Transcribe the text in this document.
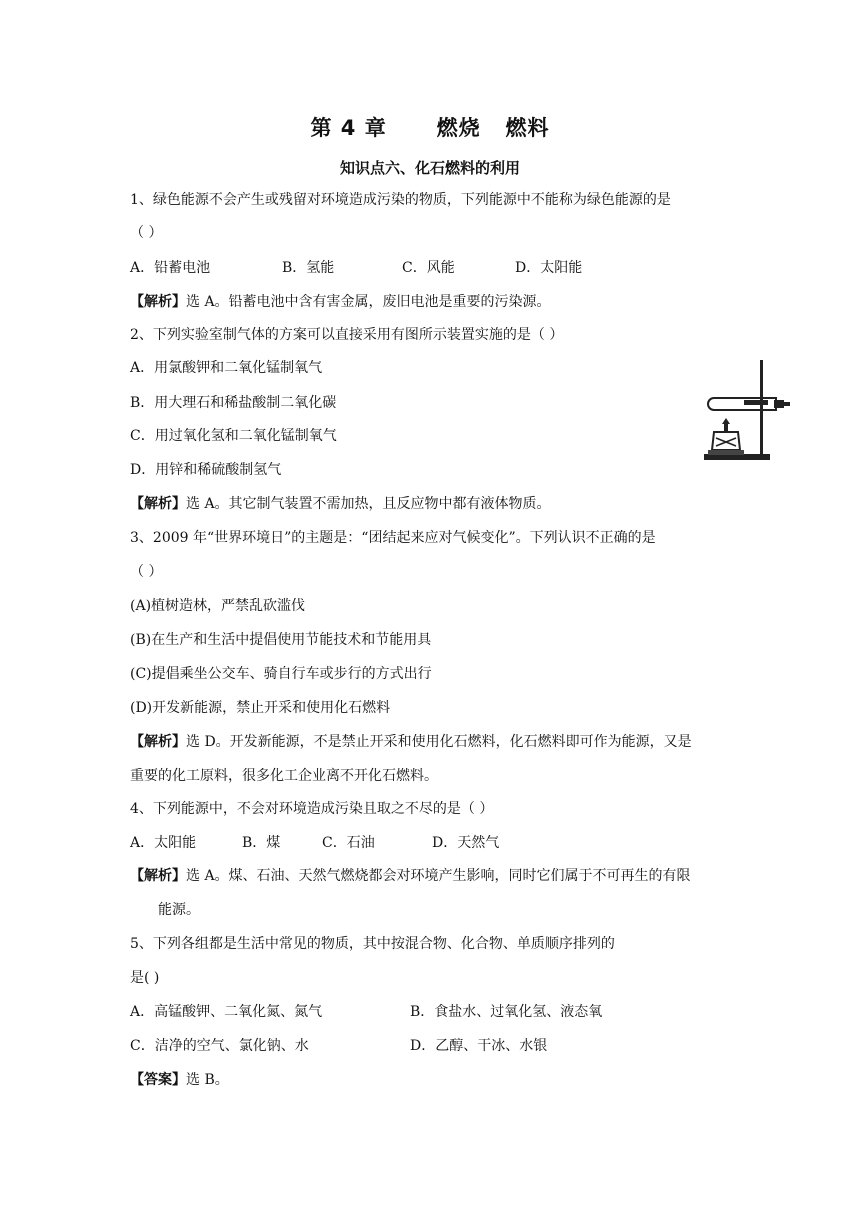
第 4 章      燃烧   燃料
知识点六、化石燃料的利用
1、绿色能源不会产生或残留对环境造成污染的物质，下列能源中不能称为绿色能源的是
（ ）
A．铅蓄电池	B．氢能	C．风能	D．太阳能
【解析】选 A。铅蓄电池中含有害金属，废旧电池是重要的污染源。
2、下列实验室制气体的方案可以直接采用有图所示装置实施的是（ ）
A．用氯酸钾和二氧化锰制氧气
B．用大理石和稀盐酸制二氧化碳
C．用过氧化氢和二氧化锰制氧气
D．用锌和稀硫酸制氢气
【解析】选 A。其它制气装置不需加热，且反应物中都有液体物质。
3、2009 年“世界环境日”的主题是：“团结起来应对气候变化”。下列认识不正确的是
（ ）
(A)植树造林，严禁乱砍滥伐
(B)在生产和生活中提倡使用节能技术和节能用具
(C)提倡乘坐公交车、骑自行车或步行的方式出行
(D)开发新能源，禁止开采和使用化石燃料
【解析】选 D。开发新能源，不是禁止开采和使用化石燃料，化石燃料即可作为能源，又是
重要的化工原料，很多化工企业离不开化石燃料。
4、下列能源中，不会对环境造成污染且取之不尽的是（ ）
A．太阳能	B．煤	C．石油	D．天然气
【解析】选 A。煤、石油、天然气燃烧都会对环境产生影响，同时它们属于不可再生的有限
能源。
5、下列各组都是生活中常见的物质，其中按混合物、化合物、单质顺序排列的
是( )
A．高锰酸钾、二氧化氮、氮气	B．食盐水、过氧化氢、液态氧
C．洁净的空气、氯化钠、水	D．乙醇、干冰、水银
【答案】选 B。
